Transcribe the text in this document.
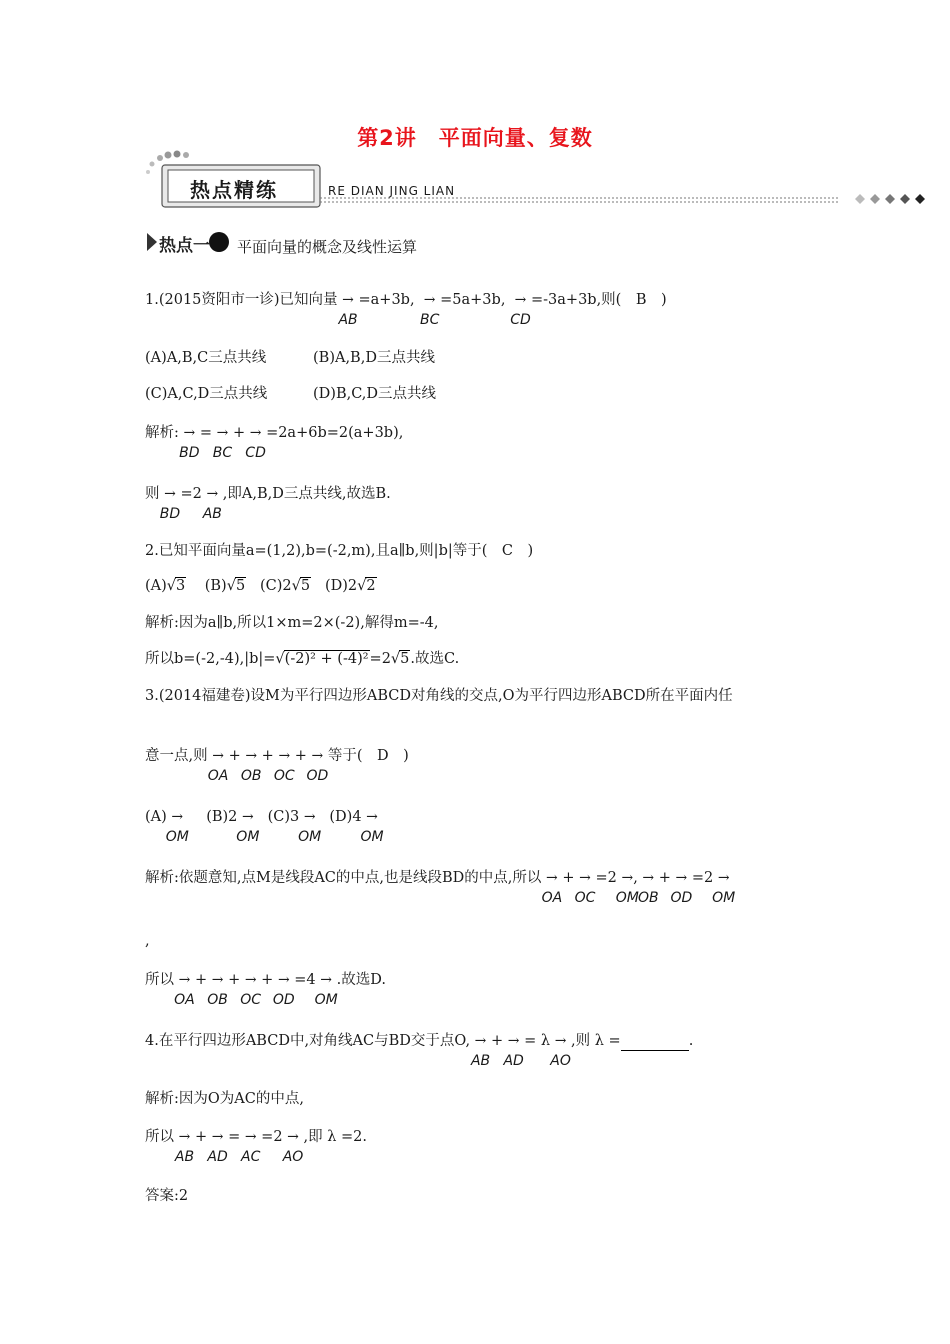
第2讲　平面向量、复数
热点精练	RE DIAN JING LIAN
热点一 平面向量的概念及线性运算
1.(2015资阳市一诊)已知向量 →
AB
=a+3b, →
BC
=5a+3b, →
CD
=-3a+3b,则(　B　)
(A)A,B,C三点共线	(B)A,B,D三点共线
(C)A,C,D三点共线	(D)B,C,D三点共线
解析: →
BD
= →
BC
+ →
CD
=2a+6b=2(a+3b),
则 →
BD
=2 →
AB
,即A,B,D三点共线,故选B.
2.已知平面向量a=(1,2),b=(-2,m),且a∥b,则|b|等于(　C　)
(A)√3 (B)√5 (C)2√5 (D)2√2
解析:因为a∥b,所以1×m=2×(-2),解得m=-4,
所以b=(-2,-4),|b|=√(-2)² + (-4)²=2√5.故选C.
3.(2014福建卷)设M为平行四边形ABCD对角线的交点,O为平行四边形ABCD所在平面内任
意一点,则 →
OA
+ →
OB
+ →
OC
+ →
OD
等于(　D　)
(A) →
OM
(B)2 →
OM
(C)3 →
OM
(D)4 →
OM
解析:依题意知,点M是线段AC的中点,也是线段BD的中点,所以 →
OA
+ →
OC
=2 →
OM
, →
OB
+ →
OD
=2 →
OM
,
所以 →
OA
+ →
OB
+ →
OC
+ →
OD
=4 →
OM
.故选D.
4.在平行四边形ABCD中,对角线AC与BD交于点O, →
AB
+ →
AD
= λ →
AO
,则 λ =	.
解析:因为O为AC的中点,
所以 →
AB
+ →
AD
= →
AC
=2 →
AO
,即 λ =2.
答案:2
